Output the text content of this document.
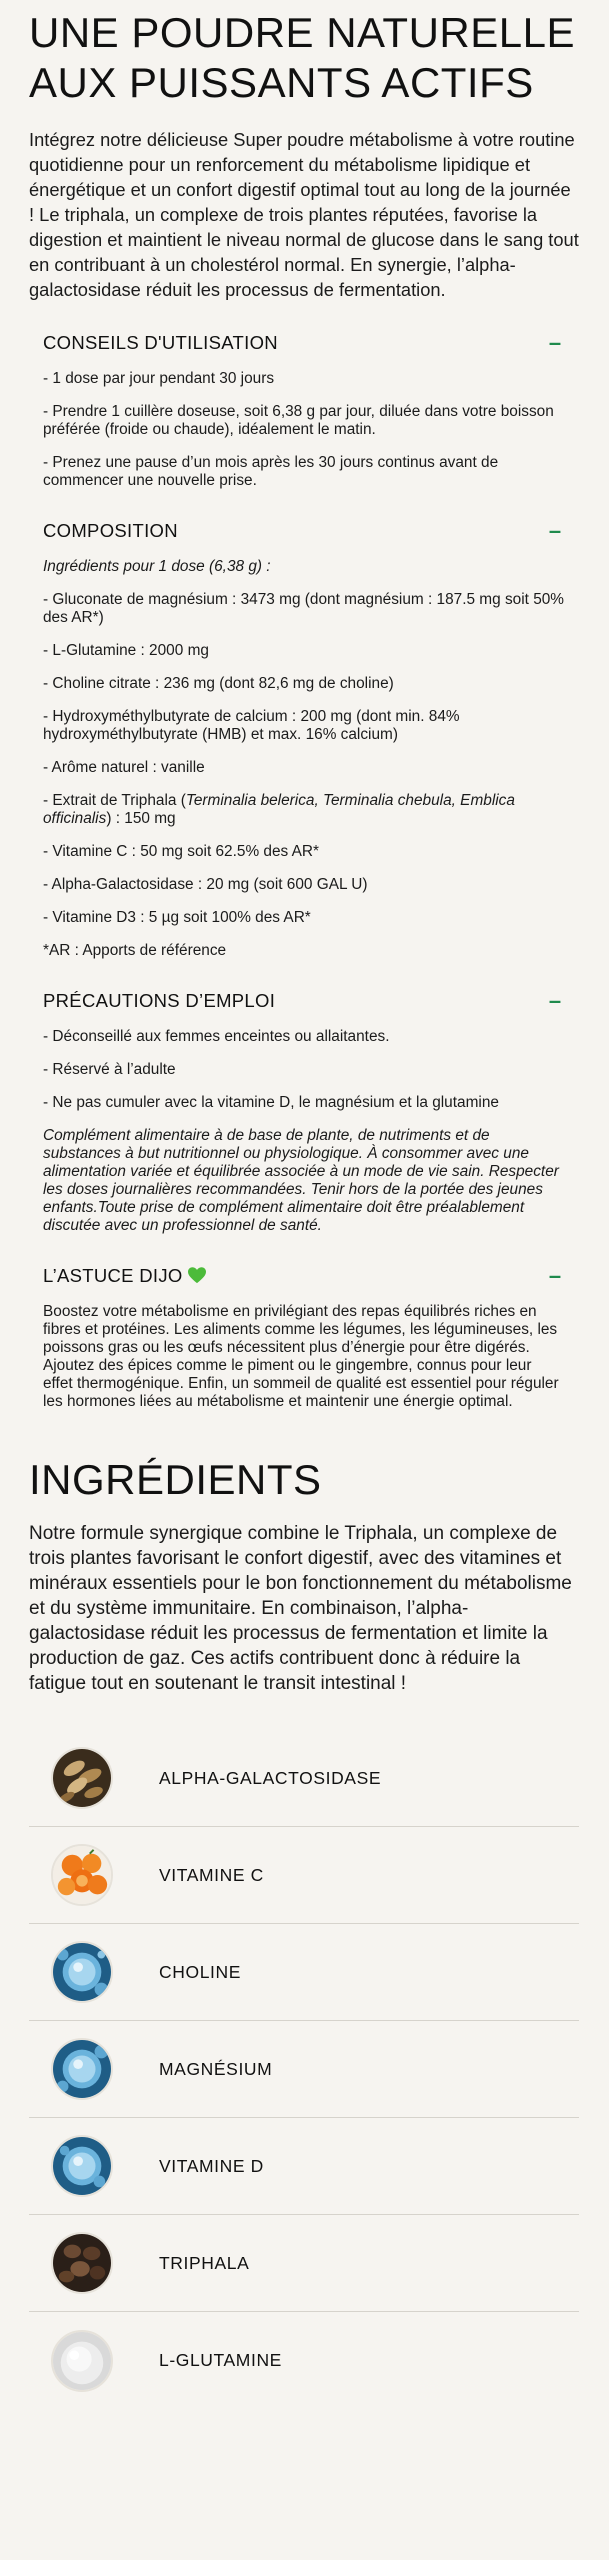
UNE POUDRE NATURELLE AUX PUISSANTS ACTIFS

Intégrez notre délicieuse Super poudre métabolisme à votre routine quotidienne pour un renforcement du métabolisme lipidique et énergétique et un confort digestif optimal tout au long de la journée ! Le triphala, un complexe de trois plantes réputées, favorise la digestion et maintient le niveau normal de glucose dans le sang tout en contribuant à un cholestérol normal. En synergie, l’alpha-galactosidase réduit les processus de fermentation.

CONSEILS D'UTILISATION	–

- 1 dose par jour pendant 30 jours

- Prendre 1 cuillère doseuse, soit 6,38 g par jour, diluée dans votre boisson préférée (froide ou chaude), idéalement le matin.

- Prenez une pause d’un mois après les 30 jours continus avant de commencer une nouvelle prise.

COMPOSITION	–

Ingrédients pour 1 dose (6,38 g) :

- Gluconate de magnésium : 3473 mg (dont magnésium : 187.5 mg soit 50% des AR*)

- L-Glutamine : 2000 mg

- Choline citrate : 236 mg (dont 82,6 mg de choline)

- Hydroxyméthylbutyrate de calcium : 200 mg (dont min. 84% hydroxyméthylbutyrate (HMB) et max. 16% calcium)

- Arôme naturel : vanille

- Extrait de Triphala (Terminalia belerica, Terminalia chebula, Emblica officinalis) : 150 mg

- Vitamine C : 50 mg soit 62.5% des AR*

- Alpha-Galactosidase : 20 mg (soit 600 GAL U)

- Vitamine D3 : 5 µg soit 100% des AR*

*AR : Apports de référence

PRÉCAUTIONS D’EMPLOI	–

- Déconseillé aux femmes enceintes ou allaitantes.

- Réservé à l’adulte

- Ne pas cumuler avec la vitamine D, le magnésium et la glutamine

Complément alimentaire à de base de plante, de nutriments et de substances à but nutritionnel ou physiologique. À consommer avec une alimentation variée et équilibrée associée à un mode de vie sain. Respecter les doses journalières recommandées. Tenir hors de la portée des jeunes enfants.Toute prise de complément alimentaire doit être préalablement discutée avec un professionnel de santé.

L’ASTUCE DIJO	–

Boostez votre métabolisme en privilégiant des repas équilibrés riches en fibres et protéines. Les aliments comme les légumes, les légumineuses, les poissons gras ou les œufs nécessitent plus d’énergie pour être digérés. Ajoutez des épices comme le piment ou le gingembre, connus pour leur effet thermogénique. Enfin, un sommeil de qualité est essentiel pour réguler les hormones liées au métabolisme et maintenir une énergie optimal.

INGRÉDIENTS

Notre formule synergique combine le Triphala, un complexe de trois plantes favorisant le confort digestif, avec des vitamines et minéraux essentiels pour le bon fonctionnement du métabolisme et du système immunitaire. En combinaison, l’alpha-galactosidase réduit les processus de fermentation et limite la production de gaz. Ces actifs contribuent donc à réduire la fatigue tout en soutenant le transit intestinal !

ALPHA-GALACTOSIDASE
VITAMINE C
CHOLINE
MAGNÉSIUM
VITAMINE D
TRIPHALA
L-GLUTAMINE
